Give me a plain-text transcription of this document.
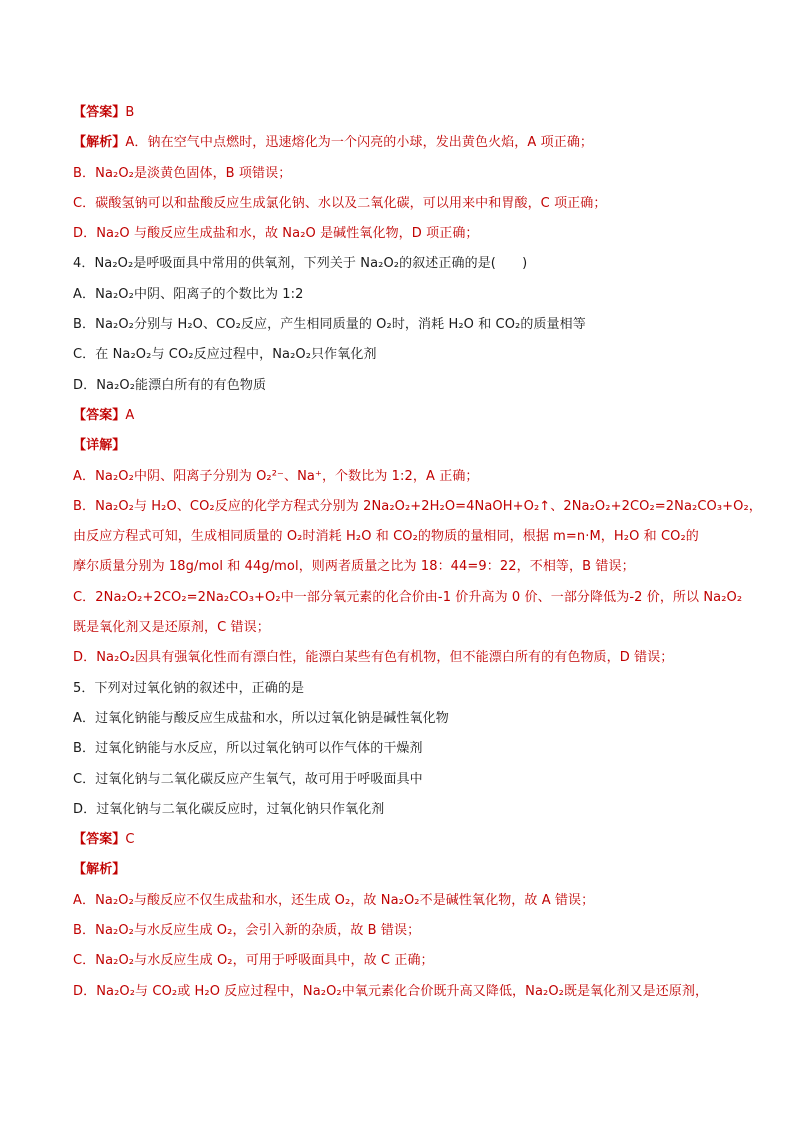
【答案】B
【解析】A．钠在空气中点燃时，迅速熔化为一个闪亮的小球，发出黄色火焰，A 项正确；
B．Na₂O₂是淡黄色固体，B 项错误；
C．碳酸氢钠可以和盐酸反应生成氯化钠、水以及二氧化碳，可以用来中和胃酸，C 项正确；
D．Na₂O 与酸反应生成盐和水，故 Na₂O 是碱性氧化物，D 项正确；
4．Na₂O₂是呼吸面具中常用的供氧剂，下列关于 Na₂O₂的叙述正确的是(　　)
A．Na₂O₂中阴、阳离子的个数比为 1:2
B．Na₂O₂分别与 H₂O、CO₂反应，产生相同质量的 O₂时，消耗 H₂O 和 CO₂的质量相等
C．在 Na₂O₂与 CO₂反应过程中，Na₂O₂只作氧化剂
D．Na₂O₂能漂白所有的有色物质
【答案】A
【详解】
A．Na₂O₂中阴、阳离子分别为 O₂²⁻、Na⁺，个数比为 1:2，A 正确；
B．Na₂O₂与 H₂O、CO₂反应的化学方程式分别为 2Na₂O₂+2H₂O=4NaOH+O₂↑、2Na₂O₂+2CO₂=2Na₂CO₃+O₂，
由反应方程式可知，生成相同质量的 O₂时消耗 H₂O 和 CO₂的物质的量相同，根据 m=n·M，H₂O 和 CO₂的
摩尔质量分别为 18g/mol 和 44g/mol，则两者质量之比为 18：44=9：22，不相等，B 错误；
C．2Na₂O₂+2CO₂=2Na₂CO₃+O₂中一部分氧元素的化合价由-1 价升高为 0 价、一部分降低为-2 价，所以 Na₂O₂
既是氧化剂又是还原剂，C 错误；
D．Na₂O₂因具有强氧化性而有漂白性，能漂白某些有色有机物，但不能漂白所有的有色物质，D 错误；
5．下列对过氧化钠的叙述中，正确的是
A．过氧化钠能与酸反应生成盐和水，所以过氧化钠是碱性氧化物
B．过氧化钠能与水反应，所以过氧化钠可以作气体的干燥剂
C．过氧化钠与二氧化碳反应产生氧气，故可用于呼吸面具中
D．过氧化钠与二氧化碳反应时，过氧化钠只作氧化剂
【答案】C
【解析】
A．Na₂O₂与酸反应不仅生成盐和水，还生成 O₂，故 Na₂O₂不是碱性氧化物，故 A 错误；
B．Na₂O₂与水反应生成 O₂，会引入新的杂质，故 B 错误；
C．Na₂O₂与水反应生成 O₂，可用于呼吸面具中，故 C 正确；
D．Na₂O₂与 CO₂或 H₂O 反应过程中，Na₂O₂中氧元素化合价既升高又降低，Na₂O₂既是氧化剂又是还原剂，
